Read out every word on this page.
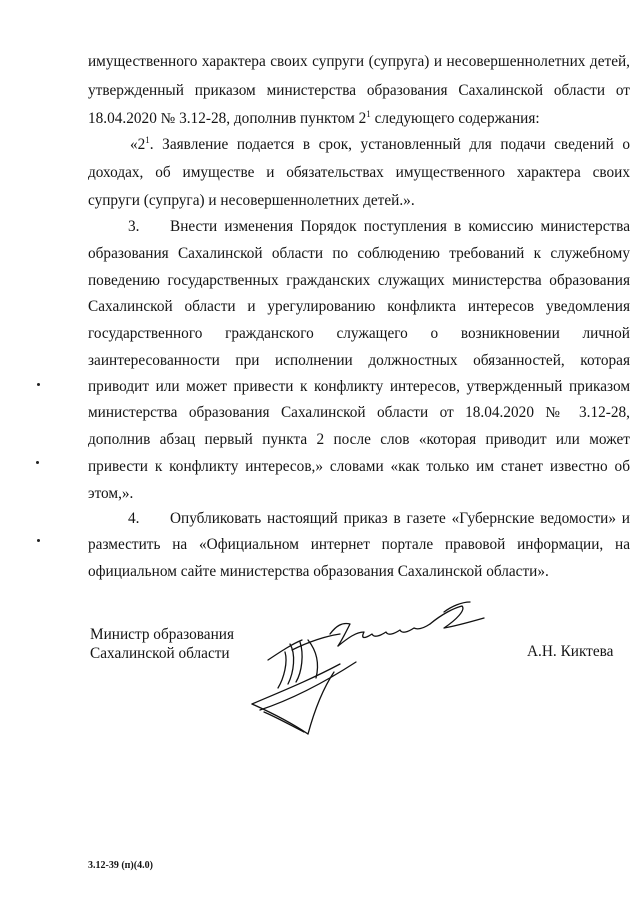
имущественного характера своих супруги (супруга) и несовершеннолетних детей,
утвержденный приказом министерства образования Сахалинской области от
18.04.2020 № 3.12-28, дополнив пунктом $2^1$ следующего содержания:
«$2^1$. Заявление подается в срок, установленный для подачи сведений о
доходах, об имуществе и обязательствах имущественного характера своих
супруги (супруга) и несовершеннолетних детей.».
3. Внести изменения Порядок поступления в комиссию министерства
образования Сахалинской области по соблюдению требований к служебному
поведению государственных гражданских служащих министерства образования
Сахалинской области и урегулированию конфликта интересов уведомления
государственного гражданского служащего о возникновении личной
заинтересованности при исполнении должностных обязанностей, которая
приводит или может привести к конфликту интересов, утвержденный приказом
министерства образования Сахалинской области от 18.04.2020 № 3.12-28,
дополнив абзац первый пункта 2 после слов «которая приводит или может
привести к конфликту интересов,» словами «как только им станет известно об
этом,».
4. Опубликовать настоящий приказ в газете «Губернские ведомости» и
разместить на «Официальном интернет портале правовой информации, на
официальном сайте министерства образования Сахалинской области».
Министр образования
Сахалинской области	А.Н. Киктева
3.12-39 (п)(4.0)
